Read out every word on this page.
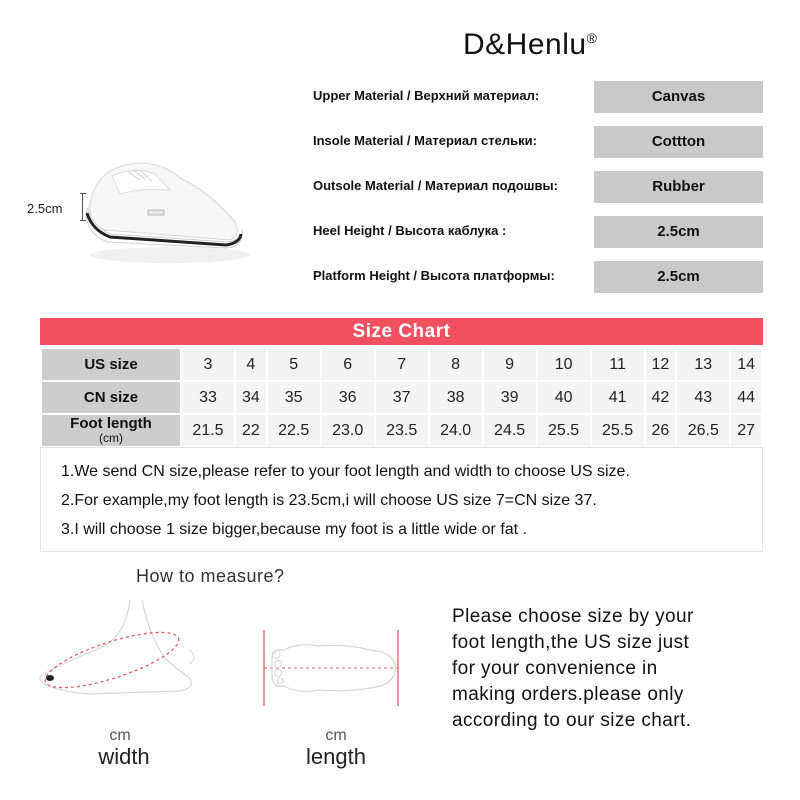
D&Henlu®
2.5cm
Upper Material / Верхний материал:	Canvas
Insole Material / Материал стельки:	Cottton
Outsole Material / Материал подошвы:	Rubber
Heel Height / Высота каблука :	2.5cm
Platform Height / Высота платформы:	2.5cm
Size Chart
US size	3	4	5	6	7	8	9	10	11	12	13	14
CN size	33	34	35	36	37	38	39	40	41	42	43	44
Foot length
(cm)	21.5	22	22.5	23.0	23.5	24.0	24.5	25.5	25.5	26	26.5	27
1.We send CN size,please refer to your foot length and width to choose US size.
2.For example,my foot length is 23.5cm,i will choose US size 7=CN size 37.
3.I will choose 1 size bigger,because my foot is a little wide or fat .
How to measure?
cm
width
cm
length
Please choose size by your
foot length,the US size just
for your convenience in
making orders.please only
according to our size chart.
